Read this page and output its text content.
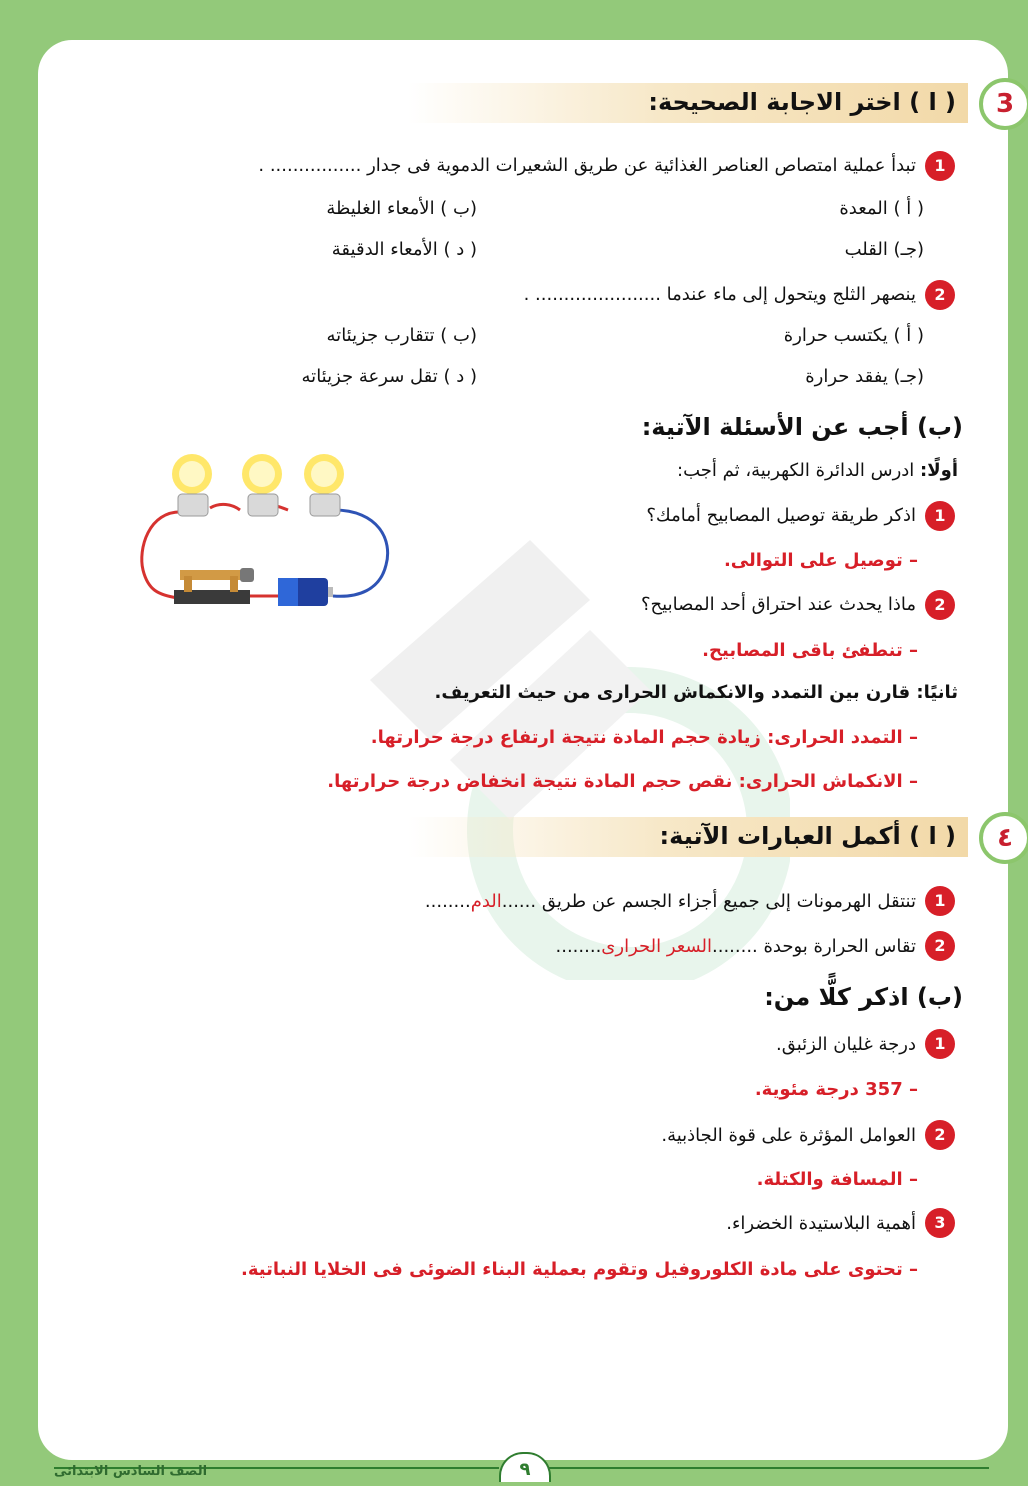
( ا ) اختر الاجابة الصحيحة:	3
1
تبدأ عملية امتصاص العناصر الغذائية عن طريق الشعيرات الدموية فى جدار ................ .
( أ ) المعدة
(ب ) الأمعاء الغليظة
(جـ) القلب
( د ) الأمعاء الدقيقة
2
ينصهر الثلج ويتحول إلى ماء عندما ...................... .
( أ ) يكتسب حرارة
(ب ) تتقارب جزيئاته
(جـ) يفقد حرارة
( د ) تقل سرعة جزيئاته
(ب) أجب عن الأسئلة الآتية:
أولًا: ادرس الدائرة الكهربية، ثم أجب:
1
اذكر طريقة توصيل المصابيح أمامك؟
– توصيل على التوالى.
2
ماذا يحدث عند احتراق أحد المصابيح؟
– تنطفئ باقى المصابيح.
ثانيًا: قارن بين التمدد والانكماش الحرارى من حيث التعريف.
– التمدد الحرارى: زيادة حجم المادة نتيجة ارتفاع درجة حرارتها.
– الانكماش الحرارى: نقص حجم المادة نتيجة انخفاض درجة حرارتها.
( ا ) أكمل العبارات الآتية:	٤
1
تنتقل الهرمونات إلى جميع أجزاء الجسم عن طريق ......الدم........
2
تقاس الحرارة بوحدة ........السعر الحرارى........
(ب) اذكر كلًّا من:
1
درجة غليان الزئبق.
– 357 درجة مئوية.
2
العوامل المؤثرة على قوة الجاذبية.
– المسافة والكتلة.
3
أهمية البلاستيدة الخضراء.
– تحتوى على مادة الكلوروفيل وتقوم بعملية البناء الضوئى فى الخلايا النباتية.
الصف السادس الابتدائى	٩
